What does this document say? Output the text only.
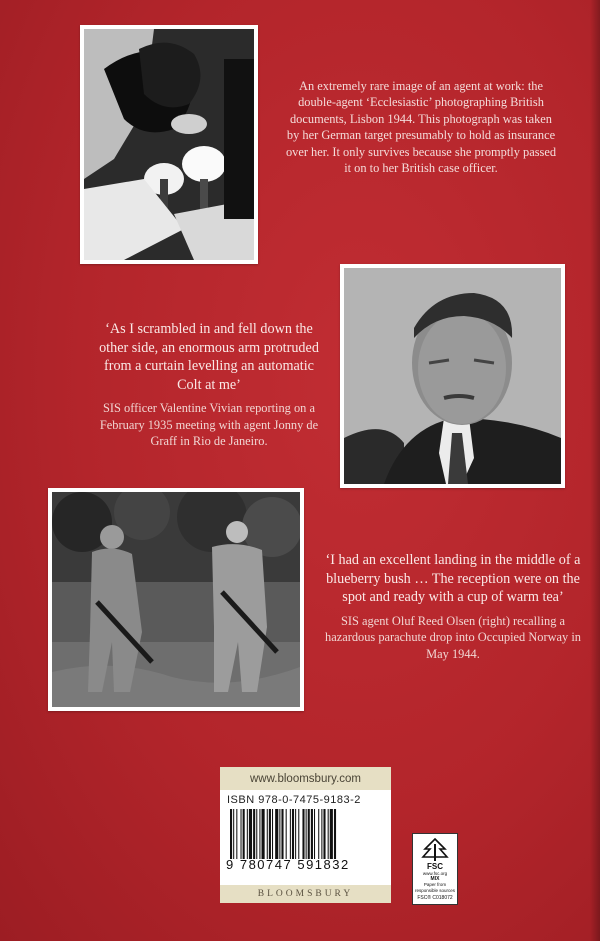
An extremely rare image of an agent at work: the double-agent ‘Ecclesiastic’ photographing British documents, Lisbon 1944. This photograph was taken by her German target presumably to hold as insurance over her. It only survives because she promptly passed it on to her British case officer.
‘As I scrambled in and fell down the other side, an enormous arm protruded from a curtain levelling an automatic Colt at me’
SIS officer Valentine Vivian reporting on a February 1935 meeting with agent Jonny de Graff in Rio de Janeiro.
‘I had an excellent landing in the middle of a blueberry bush … The reception were on the spot and ready with a cup of warm tea’
SIS agent Oluf Reed Olsen (right) recalling a hazardous parachute drop into Occupied Norway in May 1944.
www.bloomsbury.com
ISBN 978-0-7475-9183-2
9 780747 591832
BLOOMSBURY
FSC
www.fsc.org
MIX
Paper from responsible sources
FSC® C018072
